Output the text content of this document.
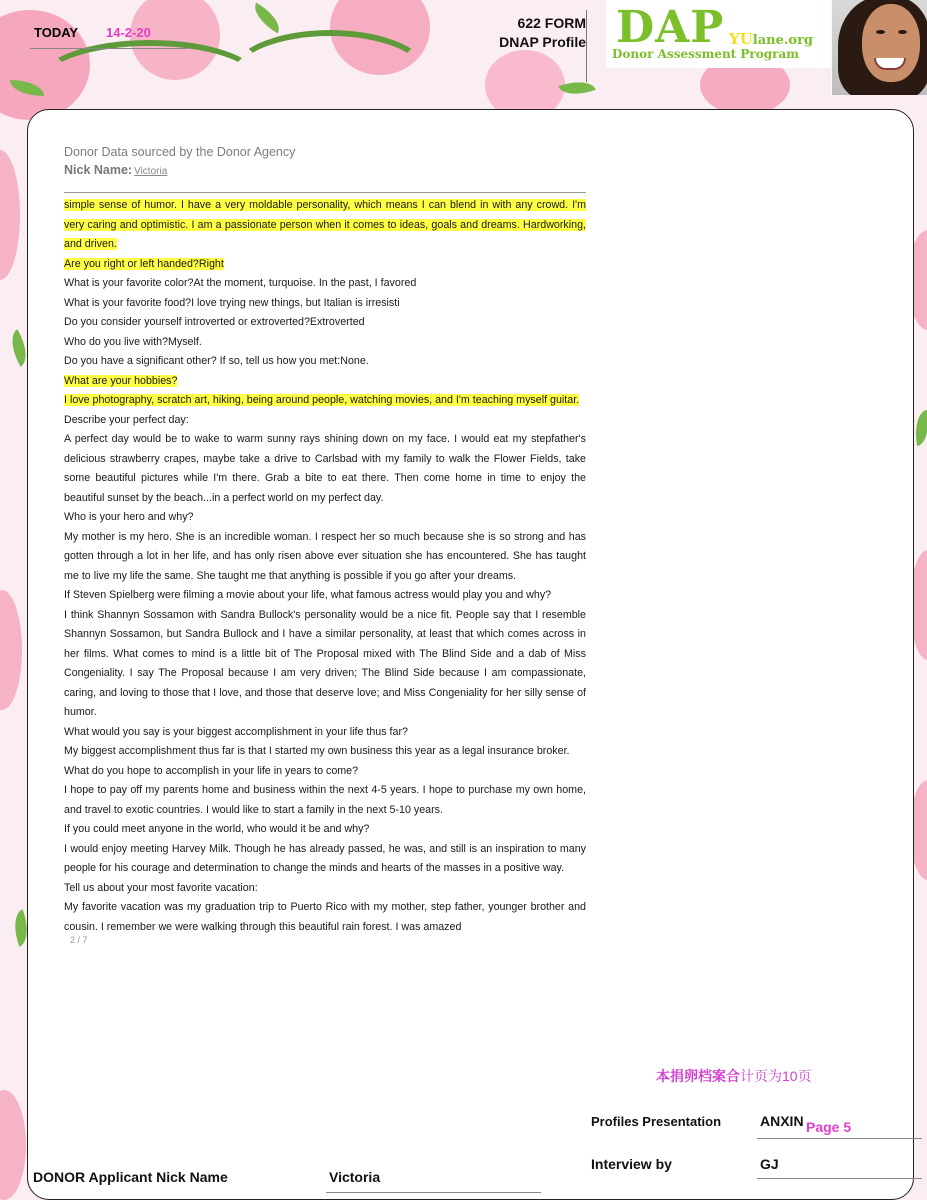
TODAY 14-2-20
622 FORM
DNAP Profile DAP YUlane.org
Donor Assessment Program
Donor Data sourced by the Donor Agency
Nick Name: Victoria

simple sense of humor. I have a very moldable personality, which means I can blend in with any crowd. I'm very caring and optimistic. I am a passionate person when it comes to ideas, goals and dreams. Hardworking, and driven.

Are you right or left handed?Right

What is your favorite color?At the moment, turquoise. In the past, I favored

What is your favorite food?I love trying new things, but Italian is irresisti

Do you consider yourself introverted or extroverted?Extroverted

Who do you live with?Myself.

Do you have a significant other? If so, tell us how you met:None.

What are your hobbies?

I love photography, scratch art, hiking, being around people, watching movies, and I'm teaching myself guitar.

Describe your perfect day:

A perfect day would be to wake to warm sunny rays shining down on my face. I would eat my stepfather's delicious strawberry crapes, maybe take a drive to Carlsbad with my family to walk the Flower Fields, take some beautiful pictures while I'm there. Grab a bite to eat there. Then come home in time to enjoy the beautiful sunset by the beach...in a perfect world on my perfect day.

Who is your hero and why?

My mother is my hero. She is an incredible woman. I respect her so much because she is so strong and has gotten through a lot in her life, and has only risen above ever situation she has encountered. She has taught me to live my life the same. She taught me that anything is possible if you go after your dreams.

If Steven Spielberg were filming a movie about your life, what famous actress would play you and why?

I think Shannyn Sossamon with Sandra Bullock's personality would be a nice fit. People say that I resemble Shannyn Sossamon, but Sandra Bullock and I have a similar personality, at least that which comes across in her films. What comes to mind is a little bit of The Proposal mixed with The Blind Side and a dab of Miss Congeniality. I say The Proposal because I am very driven; The Blind Side because I am compassionate, caring, and loving to those that I love, and those that deserve love; and Miss Congeniality for her silly sense of humor.

What would you say is your biggest accomplishment in your life thus far?

My biggest accomplishment thus far is that I started my own business this year as a legal insurance broker.

What do you hope to accomplish in your life in years to come?

I hope to pay off my parents home and business within the next 4-5 years. I hope to purchase my own home, and travel to exotic countries. I would like to start a family in the next 5-10 years.

If you could meet anyone in the world, who would it be and why?

I would enjoy meeting Harvey Milk. Though he has already passed, he was, and still is an inspiration to many people for his courage and determination to change the minds and hearts of the masses in a positive way.

Tell us about your most favorite vacation:

My favorite vacation was my graduation trip to Puerto Rico with my mother, step father, younger brother and cousin. I remember we were walking through this beautiful rain forest. I was amazed

2 / 7
本捐卵档案合计页为10页
Profiles Presentation	ANXIN Page 5
Interview by	GJ
DONOR Applicant Nick Name	Victoria
